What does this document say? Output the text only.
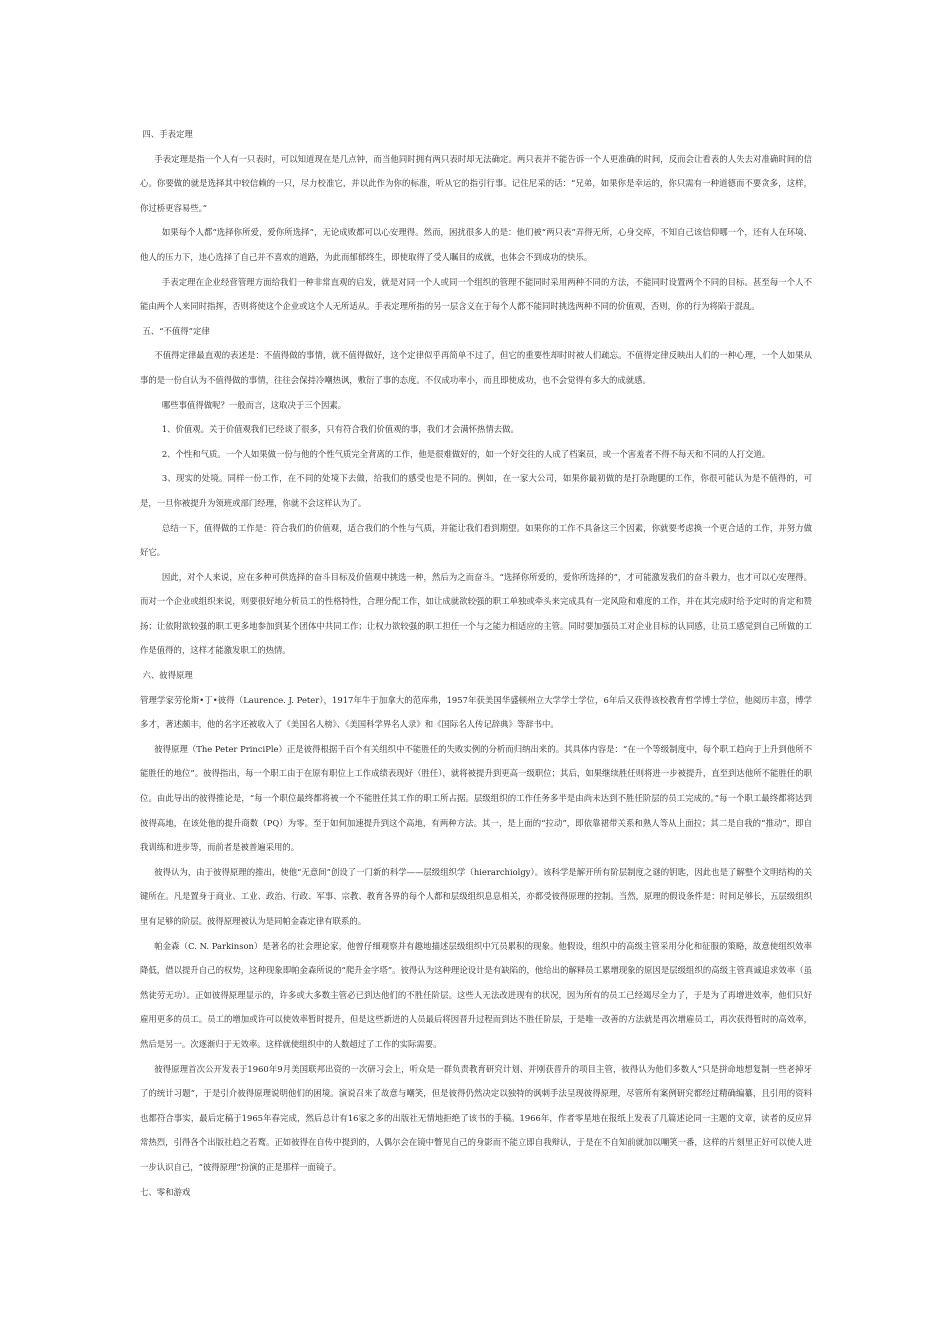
四、手表定理

手表定理是指一个人有一只表时，可以知道现在是几点钟，而当他同时拥有两只表时却无法确定。两只表并不能告诉一个人更准确的时间，反而会让看表的人失去对准确时间的信心。你要做的就是选择其中较信赖的一只，尽力校准它，并以此作为你的标准，听从它的指引行事。记住尼采的话：“兄弟，如果你是幸运的，你只需有一种道德而不要贪多，这样，你过桥更容易些。”

如果每个人都“选择你所爱，爱你所选择”，无论成败都可以心安理得。然而，困扰很多人的是：他们被“两只表”弄得无所，心身交瘁，不知自己该信仰哪一个，还有人在环境、他人的压力下，违心选择了自己并不喜欢的道路，为此而郁郁终生，即使取得了受人瞩目的成就，也体会不到成功的快乐。

手表定理在企业经营管理方面给我们一种非常直观的启发，就是对同一个人或同一个组织的管理不能同时采用两种不同的方法，不能同时设置两个不同的目标。甚至每一个人不能由两个人来同时指挥，否则将使这个企业或这个人无所适从。手表定理所指的另一层含义在于每个人都不能同时挑选两种不同的价值观，否则，你的行为将陷于混乱。

五、“不值得”定律

不值得定律最直观的表述是：不值得做的事情，就不值得做好，这个定律似乎再简单不过了，但它的重要性却时时被人们疏忘。不值得定律反映出人们的一种心理，一个人如果从事的是一份自认为不值得做的事情，往往会保持冷嘲热讽，敷衍了事的态度。不仅成功率小，而且即使成功，也不会觉得有多大的成就感。

哪些事值得做呢？一般而言，这取决于三个因素。

1、价值观。关于价值观我们已经谈了很多，只有符合我们价值观的事，我们才会满怀热情去做。

2、个性和气质。一个人如果做一份与他的个性气质完全背离的工作，他是很难做好的，如一个好交往的人成了档案员，或一个害羞者不得不每天和不同的人打交道。

3、现实的处境。同样一份工作，在不同的处境下去做，给我们的感受也是不同的。例如，在一家大公司，如果你最初做的是打杂跑腿的工作，你很可能认为是不值得的，可是，一旦你被提升为领班或部门经理，你就不会这样认为了。

总结一下，值得做的工作是：符合我们的价值观，适合我们的个性与气质，并能让我们看到期望。如果你的工作不具备这三个因素，你就要考虑换一个更合适的工作，并努力做好它。

因此，对个人来说，应在多种可供选择的奋斗目标及价值观中挑选一种，然后为之而奋斗。“选择你所爱的，爱你所选择的”，才可能激发我们的奋斗毅力，也才可以心安理得。而对一个企业或组织来说，则要很好地分析员工的性格特性，合理分配工作，如让成就欲较强的职工单独或牵头来完成具有一定风险和难度的工作，并在其完成时给予定时的肯定和赞扬；让依附欲较强的职工更多地参加到某个团体中共同工作；让权力欲较强的职工担任一个与之能力相适应的主管。同时要加强员工对企业目标的认同感，让员工感觉到自己所做的工作是值得的，这样才能激发职工的热情。

六、彼得原理

管理学家劳伦斯•丁•彼得（Laurence. J. Peter），1917年牛于加拿大的范库弗，1957年获美国华盛顿州立大学学士学位，6年后又获得该校教育哲学博士学位，他阅历丰富，博学多才，著述颇丰，他的名字还被收入了《美国名人榜》、《美国科学界名人录》和《国际名人传记辞典》等辞书中。

彼得原理（The Peter PrinciPle）正是彼得根据千百个有关组织中不能胜任的失败实例的分析而归纳出来的。其具体内容是：“在一个等级制度中，每个职工趋向于上升到他所不能胜任的地位”。彼得指出，每一个职工由于在原有职位上工作成绩表现好（胜任），就将被提升到更高一级职位；其后，如果继续胜任则将进一步被提升，直至到达他所不能胜任的职位。由此导出的彼得推论是，“每一个职位最终都将被一个不能胜任其工作的职工所占据。层级组织的工作任务多半是由尚未达到不胜任阶层的员工完成的。”每一个职工最终都将达到彼得高地，在该处他的提升商数（PQ）为零。至于如何加速提升到这个高地，有两种方法。其一，是上面的“拉动”，即依靠裙带关系和熟人等从上面拉；其二是自我的“推动”，即自我训练和进步等，而前者是被普遍采用的。

彼得认为，由于彼得原理的推出，使他“无意间”创设了一门新的科学——层级组织学（hierarchiolgy）。该科学是解开所有阶层制度之谜的钥匙，因此也是了解整个文明结构的关键所在。凡是置身于商业、工业、政治、行政、军事、宗教、教育各界的每个人都和层级组织息息相关，亦都受彼得原理的控制。当然，原理的假设条件是：时间足够长，五层级组织里有足够的阶层。彼得原理被认为是同帕金森定律有联系的。

帕金森（C. N. Parkinson）是著名的社会理论家，他曾仔细观察并有趣地描述层级组织中冗员累积的现象。他假设，组织中的高级主管采用分化和征服的策略，故意使组织效率降低，借以提升自己的权势，这种现象即帕金森所说的“爬升金字塔”。彼得认为这种理论设计是有缺陷的，他给出的解释员工累增现象的原因是层级组织的高级主管真诚追求效率（虽然徒劳无功）。正如彼得原理显示的，许多或大多数主管必已到达他们的不胜任阶层。这些人无法改进现有的状况，因为所有的员工已经竭尽全力了，于是为了再增进效率，他们只好雇用更多的员工。员工的增加或许可以使效率暂时提升，但是这些新进的人员最后将因晋升过程而到达不胜任阶层，于是唯一改善的方法就是再次增雇员工，再次获得暂时的高效率，然后是另一。次逐渐归于无效率。这样就使组织中的人数超过了工作的实际需要。

彼得原理首次公开发表于1960年9月美国联邦出资的一次研习会上，听众是一群负责教育研究计划、并刚获晋升的项目主管，彼得认为他们多数人“只是拼命地想复制一些老掉牙了的统计习题”，于是引介彼得原理说明他们的困境。演说召来了故意与嘲笑，但是彼得仍然决定以独特的讽刺手法呈现彼得原理，尽管所有案例研究都经过精确编纂，且引用的资料也都符合事实，最后定稿于1965年春完成，然后总计有16家之多的出版社无情地拒绝了该书的手稿。1966年，作者零星地在报纸上发表了几篇述论同一主题的文章，读者的反应异常热烈，引得各个出版社趋之若鹜。正如彼得在自传中提到的，人偶尔会在镜中瞥见自己的身影而不能立即自我辩认，于是在不自知前就加以嘲笑一番，这样的片刻里正好可以使人进一步认识自己，“彼得原理”扮演的正是那样一面镜子。

七、零和游戏
